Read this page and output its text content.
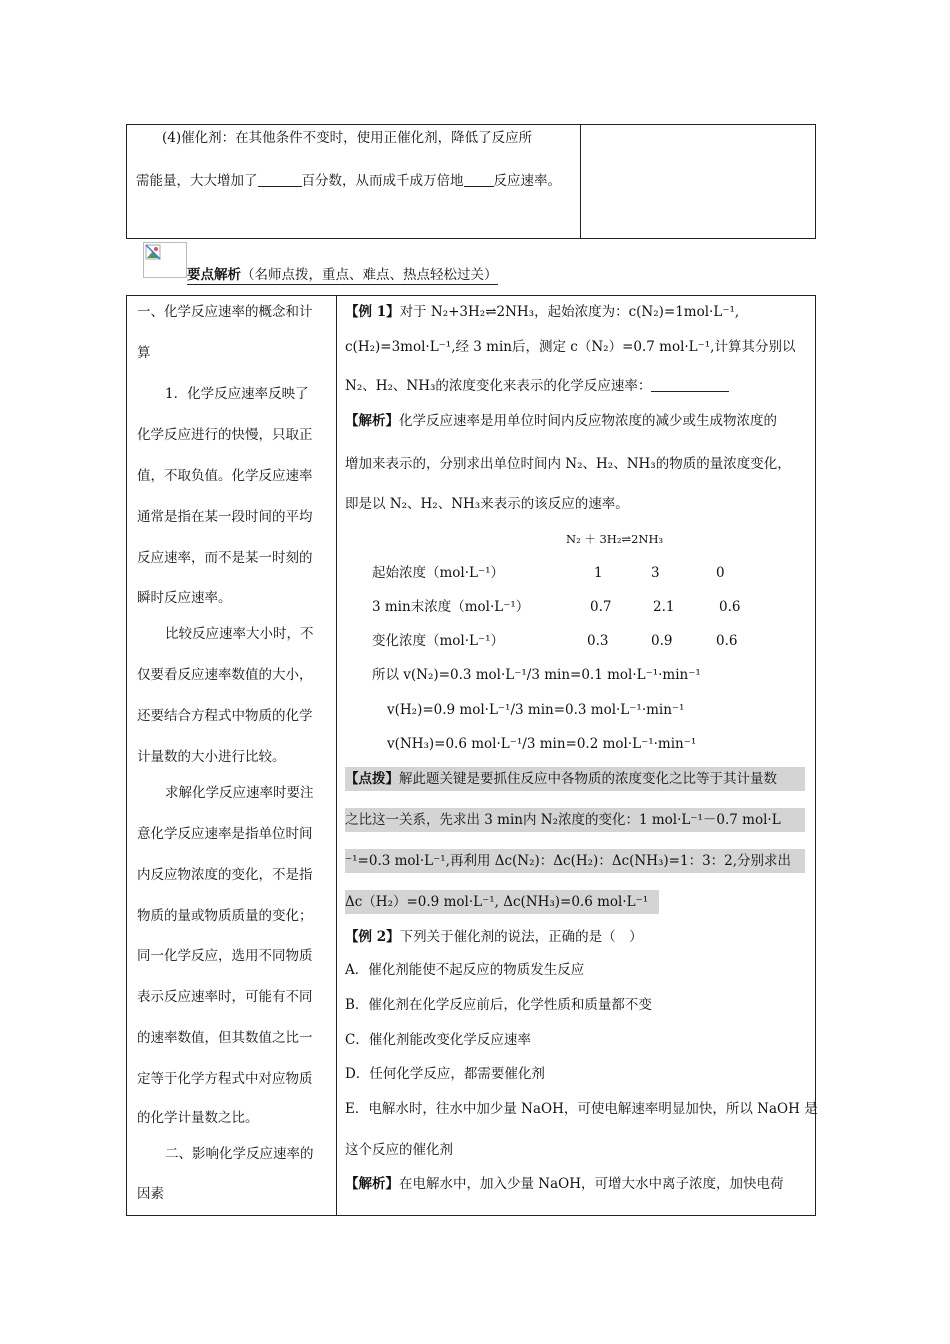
(4)催化剂：在其他条件不变时，使用正催化剂，降低了反应所
需能量，大大增加了	百分数，从而成千成万倍地 反应速率。
要点解析（名师点拨，重点、难点、热点轻松过关）
一、化学反应速率的概念和计
算
1．化学反应速率反映了
化学反应进行的快慢，只取正
值，不取负值。化学反应速率
通常是指在某一段时间的平均
反应速率，而不是某一时刻的
瞬时反应速率。
比较反应速率大小时，不
仅要看反应速率数值的大小，
还要结合方程式中物质的化学
计量数的大小进行比较。
求解化学反应速率时要注
意化学反应速率是指单位时间
内反应物浓度的变化，不是指
物质的量或物质质量的变化；
同一化学反应，选用不同物质
表示反应速率时，可能有不同
的速率数值，但其数值之比一
定等于化学方程式中对应物质
的化学计量数之比。
二、影响化学反应速率的
因素
【例 1】对于 N₂+3H₂⇌2NH₃，起始浓度为：c(N₂)=1mol·L⁻¹,
c(H₂)=3mol·L⁻¹,经 3 min后，测定 c（N₂）=0.7 mol·L⁻¹,计算其分别以
N₂、H₂、NH₃的浓度变化来表示的化学反应速率：
【解析】化学反应速率是用单位时间内反应物浓度的减少或生成物浓度的
增加来表示的，分别求出单位时间内 N₂、H₂、NH₃的物质的量浓度变化，
即是以 N₂、H₂、NH₃来表示的该反应的速率。
N₂ ＋ 3H₂⇌2NH₃
起始浓度（mol·L⁻¹）	1	3	0
3 min末浓度（mol·L⁻¹）	0.7	2.1	0.6
变化浓度（mol·L⁻¹）	0.3	0.9	0.6
所以 v(N₂)=0.3 mol·L⁻¹/3 min=0.1 mol·L⁻¹·min⁻¹
v(H₂)=0.9 mol·L⁻¹/3 min=0.3 mol·L⁻¹·min⁻¹
v(NH₃)=0.6 mol·L⁻¹/3 min=0.2 mol·L⁻¹·min⁻¹
【点拨】解此题关键是要抓住反应中各物质的浓度变化之比等于其计量数
之比这一关系，先求出 3 min内 N₂浓度的变化：1 mol·L⁻¹－0.7 mol·L
⁻¹=0.3 mol·L⁻¹,再利用 Δc(N₂)：Δc(H₂)：Δc(NH₃)=1：3：2,分别求出
Δc（H₂）=0.9 mol·L⁻¹, Δc(NH₃)=0.6 mol·L⁻¹
【例 2】下列关于催化剂的说法，正确的是（　）
A．催化剂能使不起反应的物质发生反应
B．催化剂在化学反应前后，化学性质和质量都不变
C．催化剂能改变化学反应速率
D．任何化学反应，都需要催化剂
E．电解水时，往水中加少量 NaOH，可使电解速率明显加快，所以 NaOH 是
这个反应的催化剂
【解析】在电解水中，加入少量 NaOH，可增大水中离子浓度，加快电荷
